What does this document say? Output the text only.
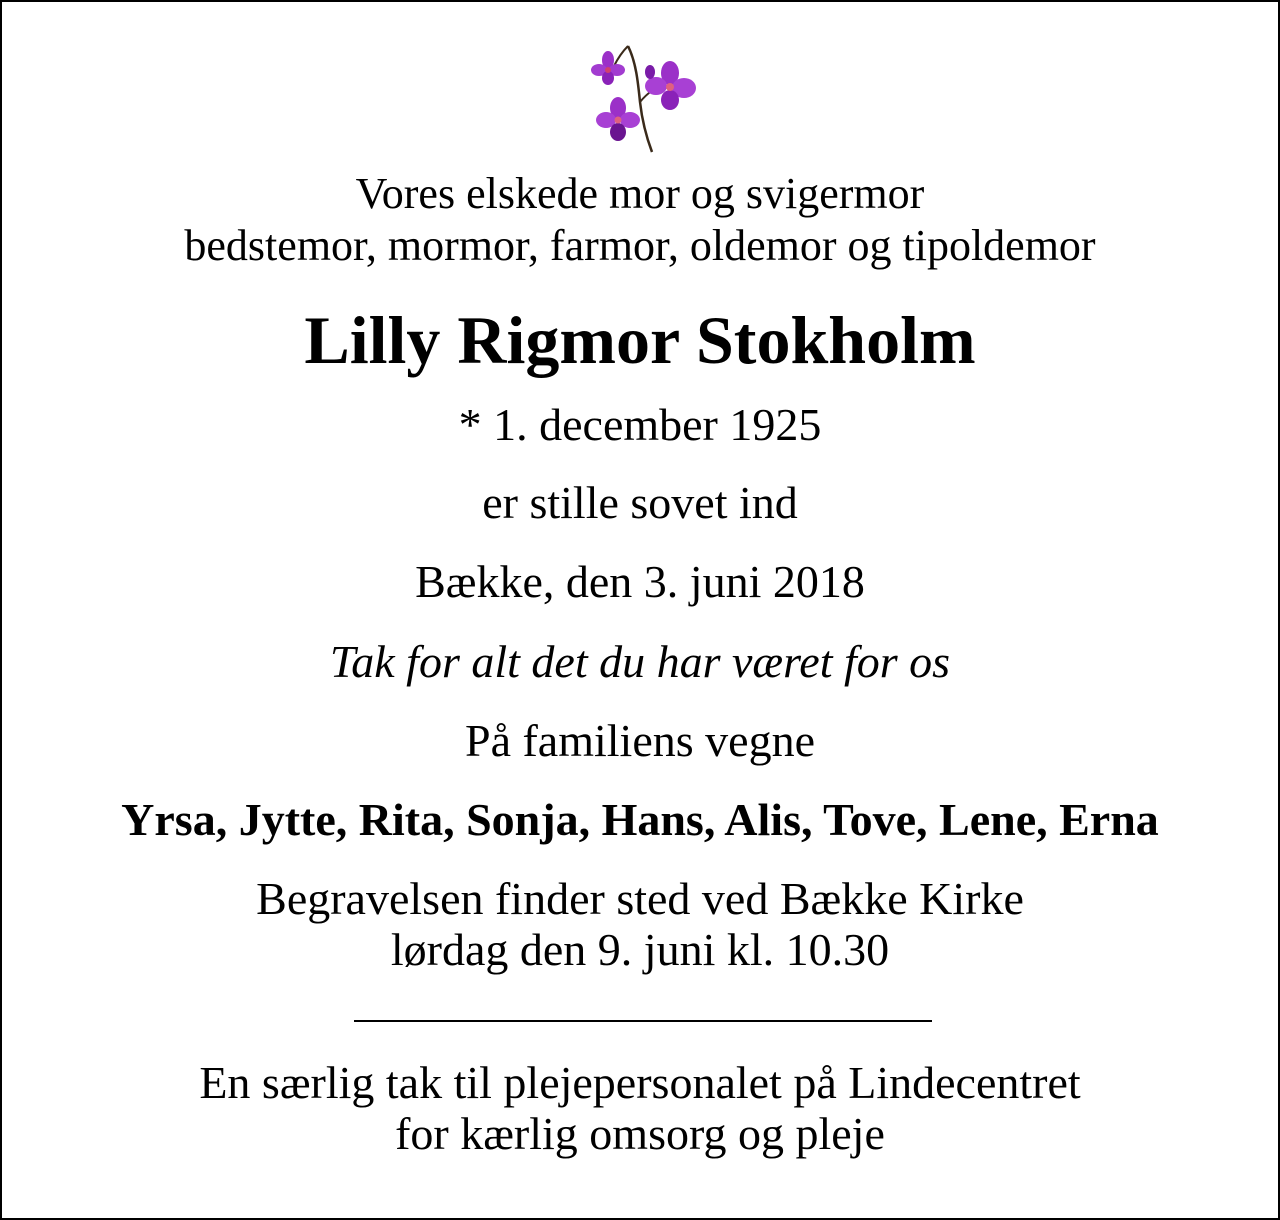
Vores elskede mor og svigermor

bedstemor, mormor, farmor, oldemor og tipoldemor

Lilly Rigmor Stokholm

* 1. december 1925

er stille sovet ind

Bække, den 3. juni 2018

Tak for alt det du har været for os

På familiens vegne

Yrsa, Jytte, Rita, Sonja, Hans, Alis, Tove, Lene, Erna

Begravelsen finder sted ved Bække Kirke

lørdag den 9. juni kl. 10.30

En særlig tak til plejepersonalet på Lindecentret

for kærlig omsorg og pleje
